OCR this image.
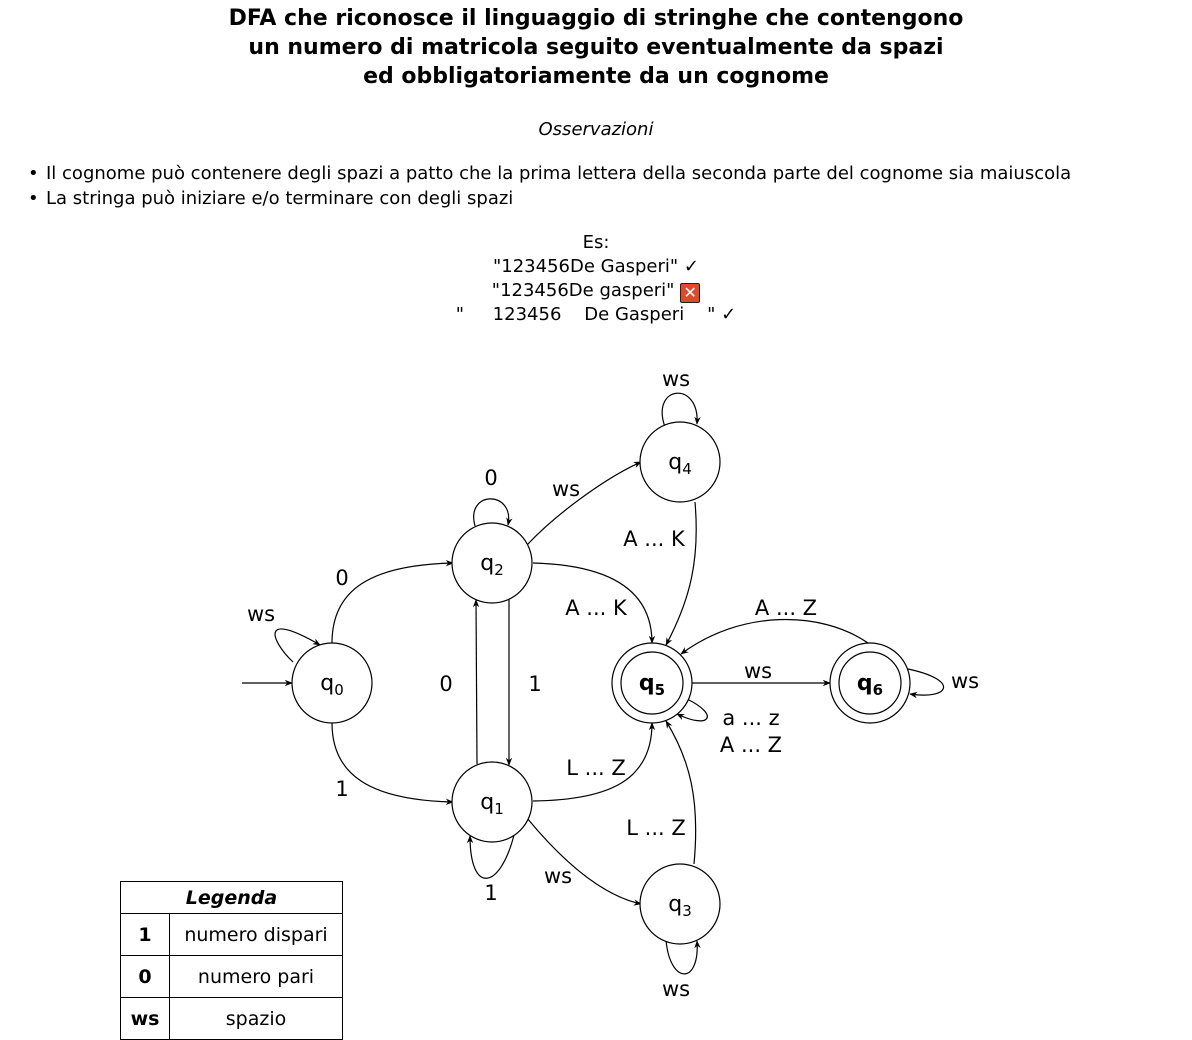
DFA che riconosce il linguaggio di stringhe che contengono
un numero di matricola seguito eventualmente da spazi
ed obbligatoriamente da un cognome
Osservazioni
• Il cognome può contenere degli spazi a patto che la prima lettera della seconda parte del cognome sia maiuscola
• La stringa può iniziare e/o terminare con degli spazi
Es:
"123456De Gasperi" ✓
"123456De gasperi" ✕
"     123456    De Gasperi    " ✓
$q_0$
$q_1$
$q_2$
$q_3$
$q_4$
$q_5$	$q_6$
ws
0
1
0
1
0
1
ws
A ... K
L ... Z
ws
ws
A ... K
ws
L ... Z
a ... z
A ... Z
ws
A ... Z
ws
Legenda	
1	numero dispari
0	numero pari
ws	spazio
